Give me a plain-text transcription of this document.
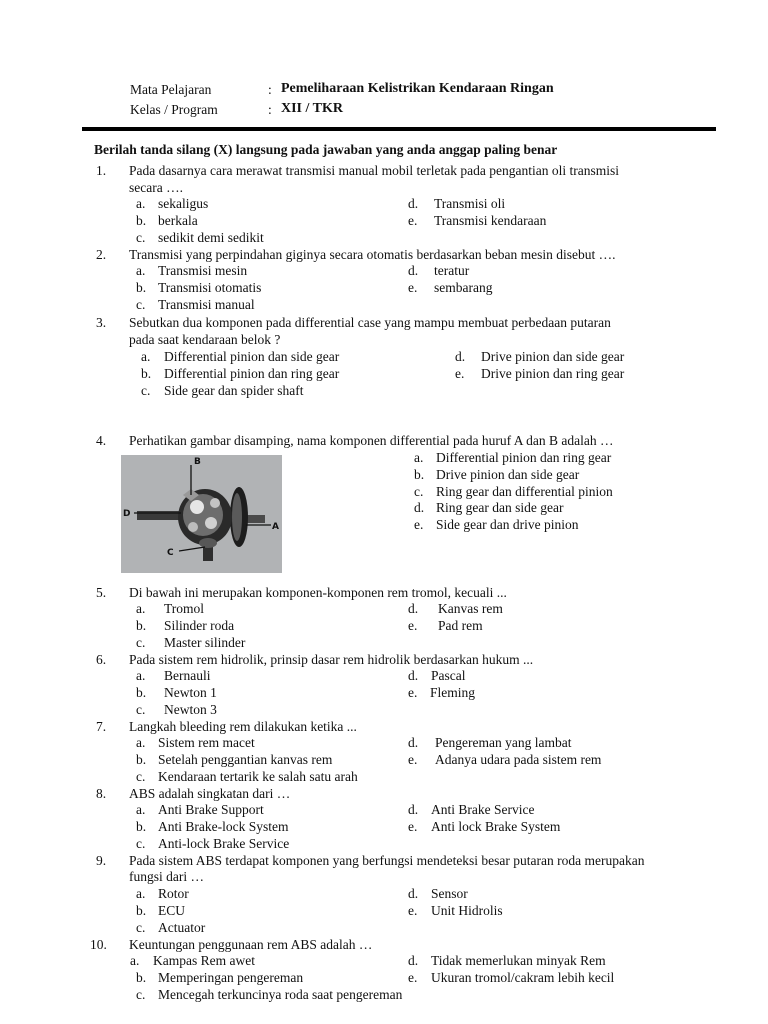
Mata Pelajaran	: Pemeliharaan Kelistrikan Kendaraan Ringan
Kelas / Program	: XII / TKR
Berilah tanda silang (X) langsung pada jawaban yang anda anggap paling benar
1. Pada dasarnya cara merawat transmisi manual mobil terletak pada pengantian oli transmisi
secara ….
a. sekaligus
b. berkala
c. sedikit demi sedikit
d.	Transmisi oli
e.	Transmisi kendaraan
2. Transmisi yang perpindahan giginya secara otomatis berdasarkan beban mesin disebut ….
a. Transmisi mesin
b. Transmisi otomatis
c. Transmisi manual
d.	teratur
e.	sembarang
3. Sebutkan dua komponen pada differential case yang mampu membuat perbedaan putaran
pada saat kendaraan belok ?
a.	Differential pinion dan side gear
b. Differential pinion dan ring gear
c.	Side gear dan spider shaft
d.	Drive pinion dan side gear
e.	Drive pinion dan ring gear
4. Perhatikan gambar disamping, nama komponen differential pada huruf A dan B adalah …
B
D
A
C
a. Differential pinion dan ring gear
b. Drive pinion dan side gear
c. Ring gear dan differential pinion
d. Ring gear dan side gear
e. Side gear dan drive pinion
5. Di bawah ini merupakan komponen-komponen rem tromol, kecuali ...
a.	Tromol
b.	Silinder roda
c.	Master silinder
d.	Kanvas rem
e.	Pad rem
6. Pada sistem rem hidrolik, prinsip dasar rem hidrolik berdasarkan hukum ...
a.	Bernauli
b.	Newton 1
c.	Newton 3
d. Pascal
e. Fleming
7. Langkah bleeding rem dilakukan ketika ...
a. Sistem rem macet
b. Setelah penggantian kanvas rem
c. Kendaraan tertarik ke salah satu arah
d.	Pengereman yang lambat
e.	Adanya udara pada sistem rem
8. ABS adalah singkatan dari …
a. Anti Brake Support
b. Anti Brake-lock System
c. Anti-lock Brake Service
d. Anti Brake Service
e.	Anti lock Brake System
9. Pada sistem ABS terdapat komponen yang berfungsi mendeteksi besar putaran roda merupakan
fungsi dari …
a. Rotor
b. ECU
c. Actuator
d. Sensor
e.	Unit Hidrolis
10. Keuntungan penggunaan rem ABS adalah …
a.	Kampas Rem awet
b. Memperingan pengereman
c. Mencegah terkuncinya roda saat pengereman
d. Tidak memerlukan minyak Rem
e.	Ukuran tromol/cakram lebih kecil
